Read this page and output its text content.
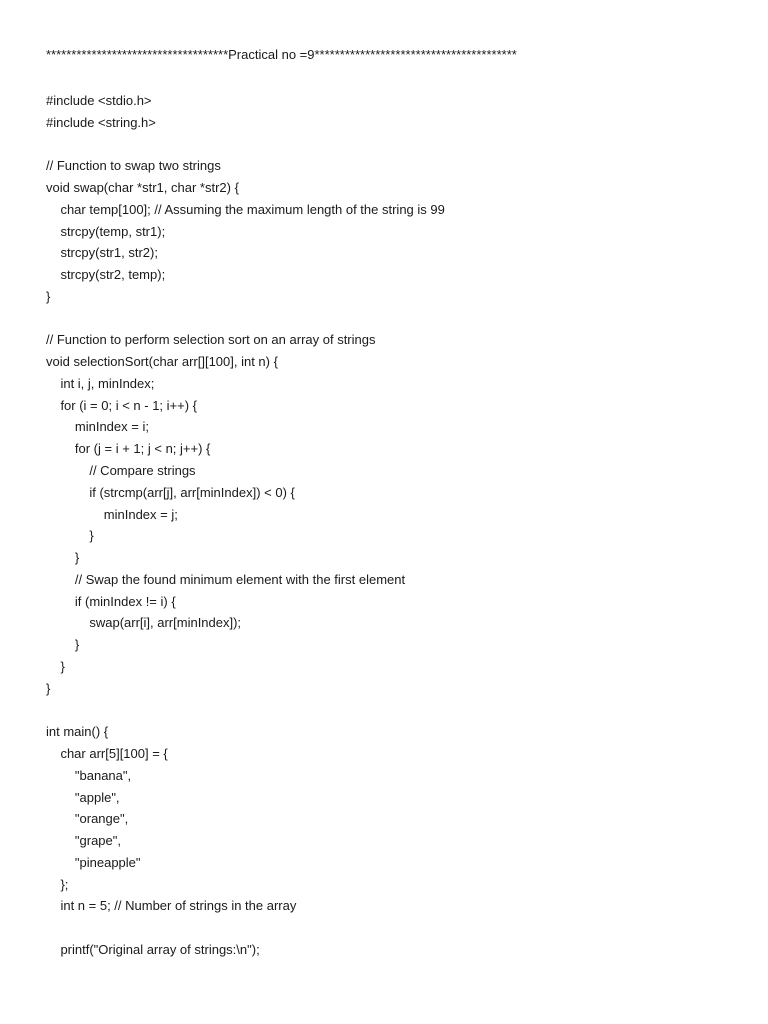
************************************Practical no =9****************************************
#include <stdio.h>
#include <string.h>
// Function to swap two strings
void swap(char *str1, char *str2) {
char temp[100]; // Assuming the maximum length of the string is 99
strcpy(temp, str1);
strcpy(str1, str2);
strcpy(str2, temp);
}
// Function to perform selection sort on an array of strings
void selectionSort(char arr[][100], int n) {
int i, j, minIndex;
for (i = 0; i < n - 1; i++) {
minIndex = i;
for (j = i + 1; j < n; j++) {
// Compare strings
if (strcmp(arr[j], arr[minIndex]) < 0) {
minIndex = j;
}
}
// Swap the found minimum element with the first element
if (minIndex != i) {
swap(arr[i], arr[minIndex]);
}
}
}
int main() {
char arr[5][100] = {
"banana",
"apple",
"orange",
"grape",
"pineapple"
};
int n = 5; // Number of strings in the array
printf("Original array of strings:\n");
